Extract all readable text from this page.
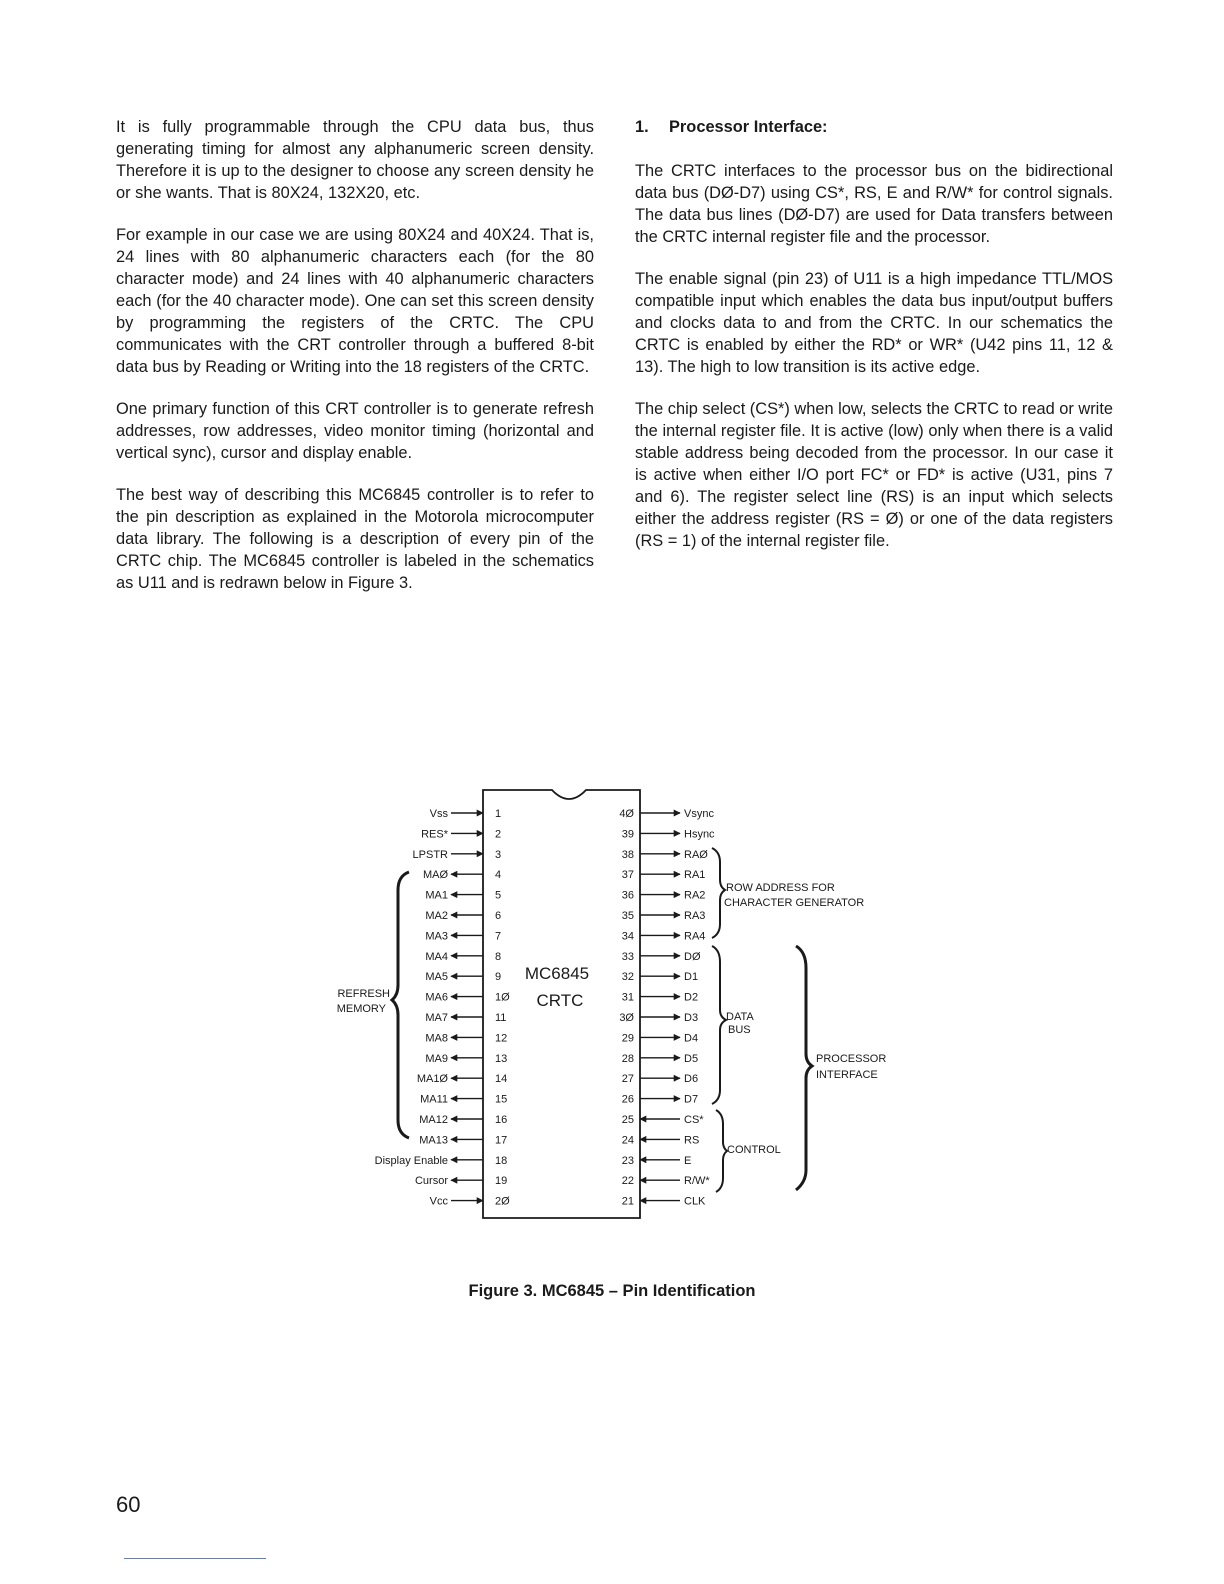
It is fully programmable through the CPU data bus, thus generating timing for almost any alphanumeric screen density. Therefore it is up to the designer to choose any screen density he or she wants. That is 80X24, 132X20, etc.

For example in our case we are using 80X24 and 40X24. That is, 24 lines with 80 alphanumeric characters each (for the 80 character mode) and 24 lines with 40 alphanumeric characters each (for the 40 character mode). One can set this screen density by programming the registers of the CRTC. The CPU communicates with the CRT controller through a buffered 8-bit data bus by Reading or Writing into the 18 registers of the CRTC.

One primary function of this CRT controller is to generate refresh addresses, row addresses, video monitor timing (horizontal and vertical sync), cursor and display enable.

The best way of describing this MC6845 controller is to refer to the pin description as explained in the Motorola microcomputer data library. The following is a description of every pin of the CRTC chip. The MC6845 controller is labeled in the schematics as U11 and is redrawn below in Figure 3.

1. Processor Interface:

The CRTC interfaces to the processor bus on the bidirectional data bus (DØ-D7) using CS*, RS, E and R/W* for control signals. The data bus lines (DØ-D7) are used for Data transfers between the CRTC internal register file and the processor.

The enable signal (pin 23) of U11 is a high impedance TTL/MOS compatible input which enables the data bus input/output buffers and clocks data to and from the CRTC. In our schematics the CRTC is enabled by either the RD* or WR* (U42 pins 11, 12 & 13). The high to low transition is its active edge.

The chip select (CS*) when low, selects the CRTC to read or write the internal register file. It is active (low) only when there is a valid stable address being decoded from the processor. In our case it is active when either I/O port FC* or FD* is active (U31, pins 7 and 6). The register select line (RS) is an input which selects either the address register (RS = Ø) or one of the data registers (RS = 1) of the internal register file.

MC6845
CRTC
Vss	1
RES*	2
LPSTR	3
MAØ	4
MA1	5
MA2	6
MA3	7
MA4	8
MA5	9
MA6	1Ø
MA7	11
MA8	12
MA9	13
MA1Ø	14
MA11	15
MA12	16
MA13	17
Display Enable	18
Cursor	19
Vcc	2Ø
Vsync
4Ø
Hsync
39
RAØ
38
RA1
37
RA2
36
RA3
35
RA4
34
DØ
33
D1
32
D2
31
D3
3Ø
D4
29
D5
28
D6
27
D7
26
CS*
25
RS
24
E
23
R/W*
22
CLK
21
REFRESH
MEMORY
ROW ADDRESS FOR
CHARACTER GENERATOR
DATA
BUS
CONTROL
PROCESSOR
INTERFACE
Figure 3. MC6845 – Pin Identification
60
